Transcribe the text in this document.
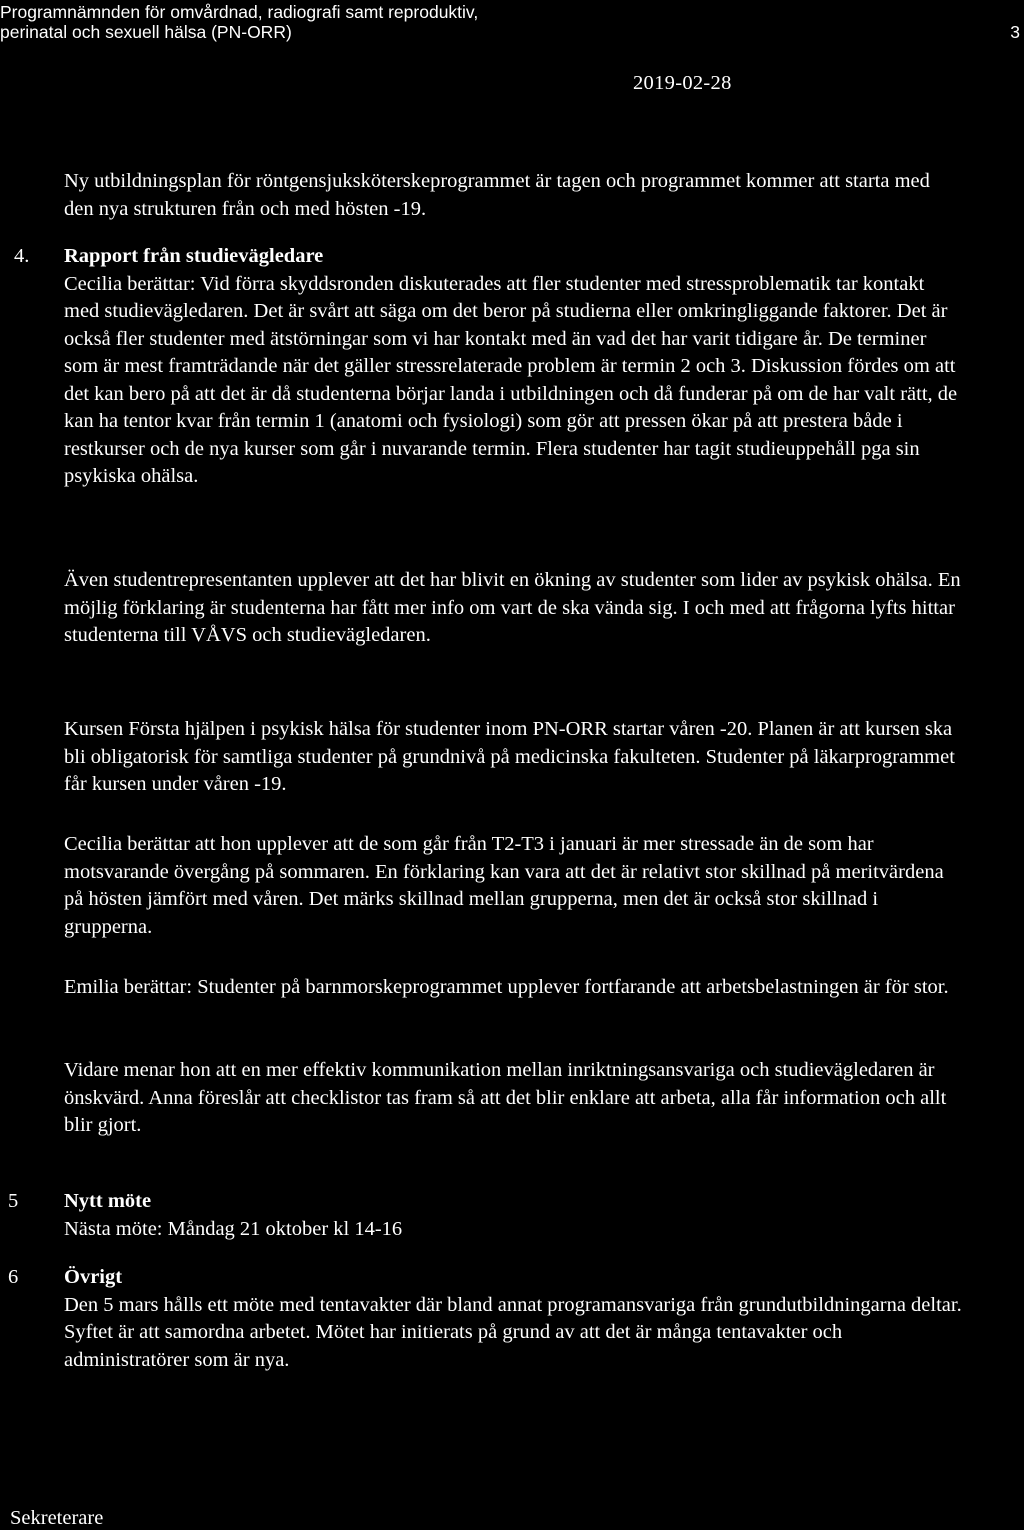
Programnämnden för omvårdnad, radiografi samt reproduktiv,
perinatal och sexuell hälsa (PN-ORR)	3
2019-02-28

Ny utbildningsplan för röntgensjuksköterskeprogrammet är tagen och programmet kommer att starta med den nya strukturen från och med hösten -19.

4. Rapport från studievägledare
Cecilia berättar: Vid förra skyddsronden diskuterades att fler studenter med stressproblematik tar kontakt med studievägledaren. Det är svårt att säga om det beror på studierna eller omkringliggande faktorer. Det är också fler studenter med ätstörningar som vi har kontakt med än vad det har varit tidigare år. De terminer som är mest framträdande när det gäller stressrelaterade problem är termin 2 och 3. Diskussion fördes om att det kan bero på att det är då studenterna börjar landa i utbildningen och då funderar på om de har valt rätt, de kan ha tentor kvar från termin 1 (anatomi och fysiologi) som gör att pressen ökar på att prestera både i restkurser och de nya kurser som går i nuvarande termin. Flera studenter har tagit studieuppehåll pga sin psykiska ohälsa.

Även studentrepresentanten upplever att det har blivit en ökning av studenter som lider av psykisk ohälsa. En möjlig förklaring är studenterna har fått mer info om vart de ska vända sig. I och med att frågorna lyfts hittar studenterna till VÅVS och studievägledaren.

Kursen Första hjälpen i psykisk hälsa för studenter inom PN-ORR startar våren -20. Planen är att kursen ska bli obligatorisk för samtliga studenter på grundnivå på medicinska fakulteten. Studenter på läkarprogrammet får kursen under våren -19.

Cecilia berättar att hon upplever att de som går från T2-T3 i januari är mer stressade än de som har motsvarande övergång på sommaren. En förklaring kan vara att det är relativt stor skillnad på meritvärdena på hösten jämfört med våren. Det märks skillnad mellan grupperna, men det är också stor skillnad i grupperna.

Emilia berättar: Studenter på barnmorskeprogrammet upplever fortfarande att arbetsbelastningen är för stor.

Vidare menar hon att en mer effektiv kommunikation mellan inriktningsansvariga och studievägledaren är önskvärd. Anna föreslår att checklistor tas fram så att det blir enklare att arbeta, alla får information och allt blir gjort.

5 Nytt möte
Nästa möte: Måndag 21 oktober kl 14-16
6 Övrigt
Den 5 mars hålls ett möte med tentavakter där bland annat programansvariga från grundutbildningarna deltar. Syftet är att samordna arbetet. Mötet har initierats på grund av att det är många tentavakter och administratörer som är nya.
Sekreterare
